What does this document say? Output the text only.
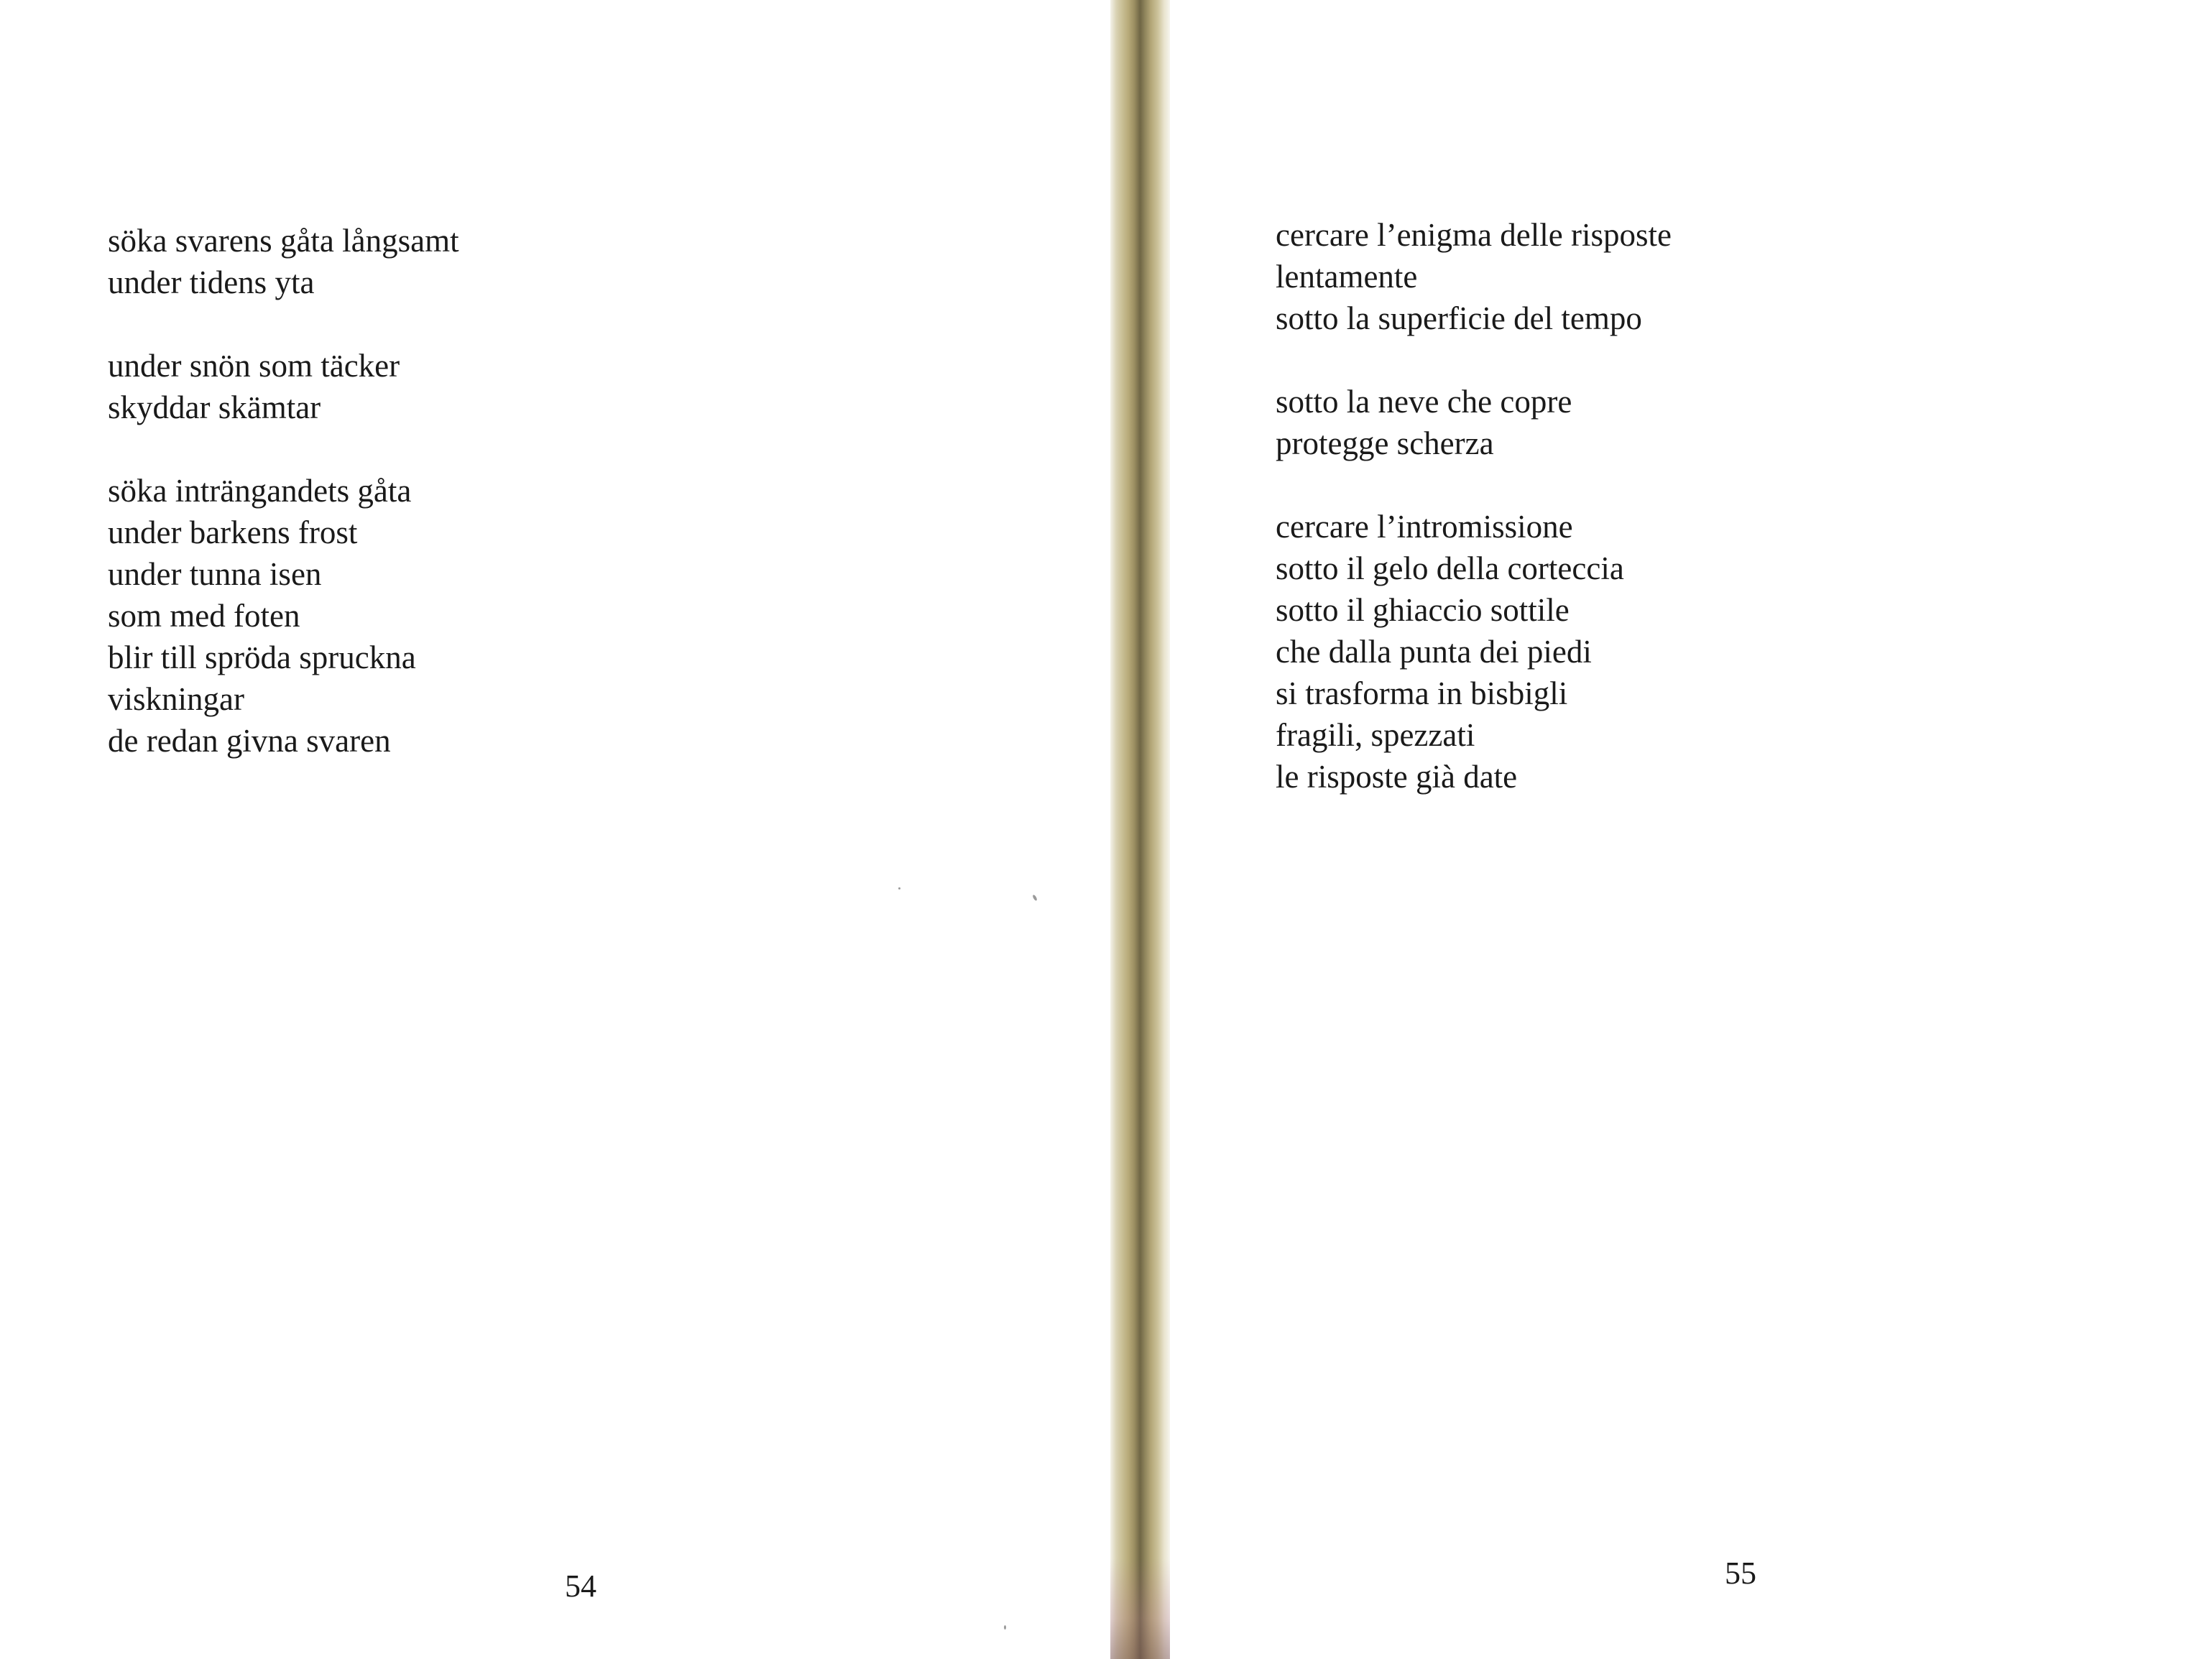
söka svarens gåta långsamt
under tidens yta
under snön som täcker
skyddar skämtar
söka inträngandets gåta
under barkens frost
under tunna isen
som med foten
blir till spröda spruckna
viskningar
de redan givna svaren
54
cercare l’enigma delle risposte
lentamente
sotto la superficie del tempo
sotto la neve che copre
protegge scherza
cercare l’intromissione
sotto il gelo della corteccia
sotto il ghiaccio sottile
che dalla punta dei piedi
si trasforma in bisbigli
fragili, spezzati
le risposte già date
55
